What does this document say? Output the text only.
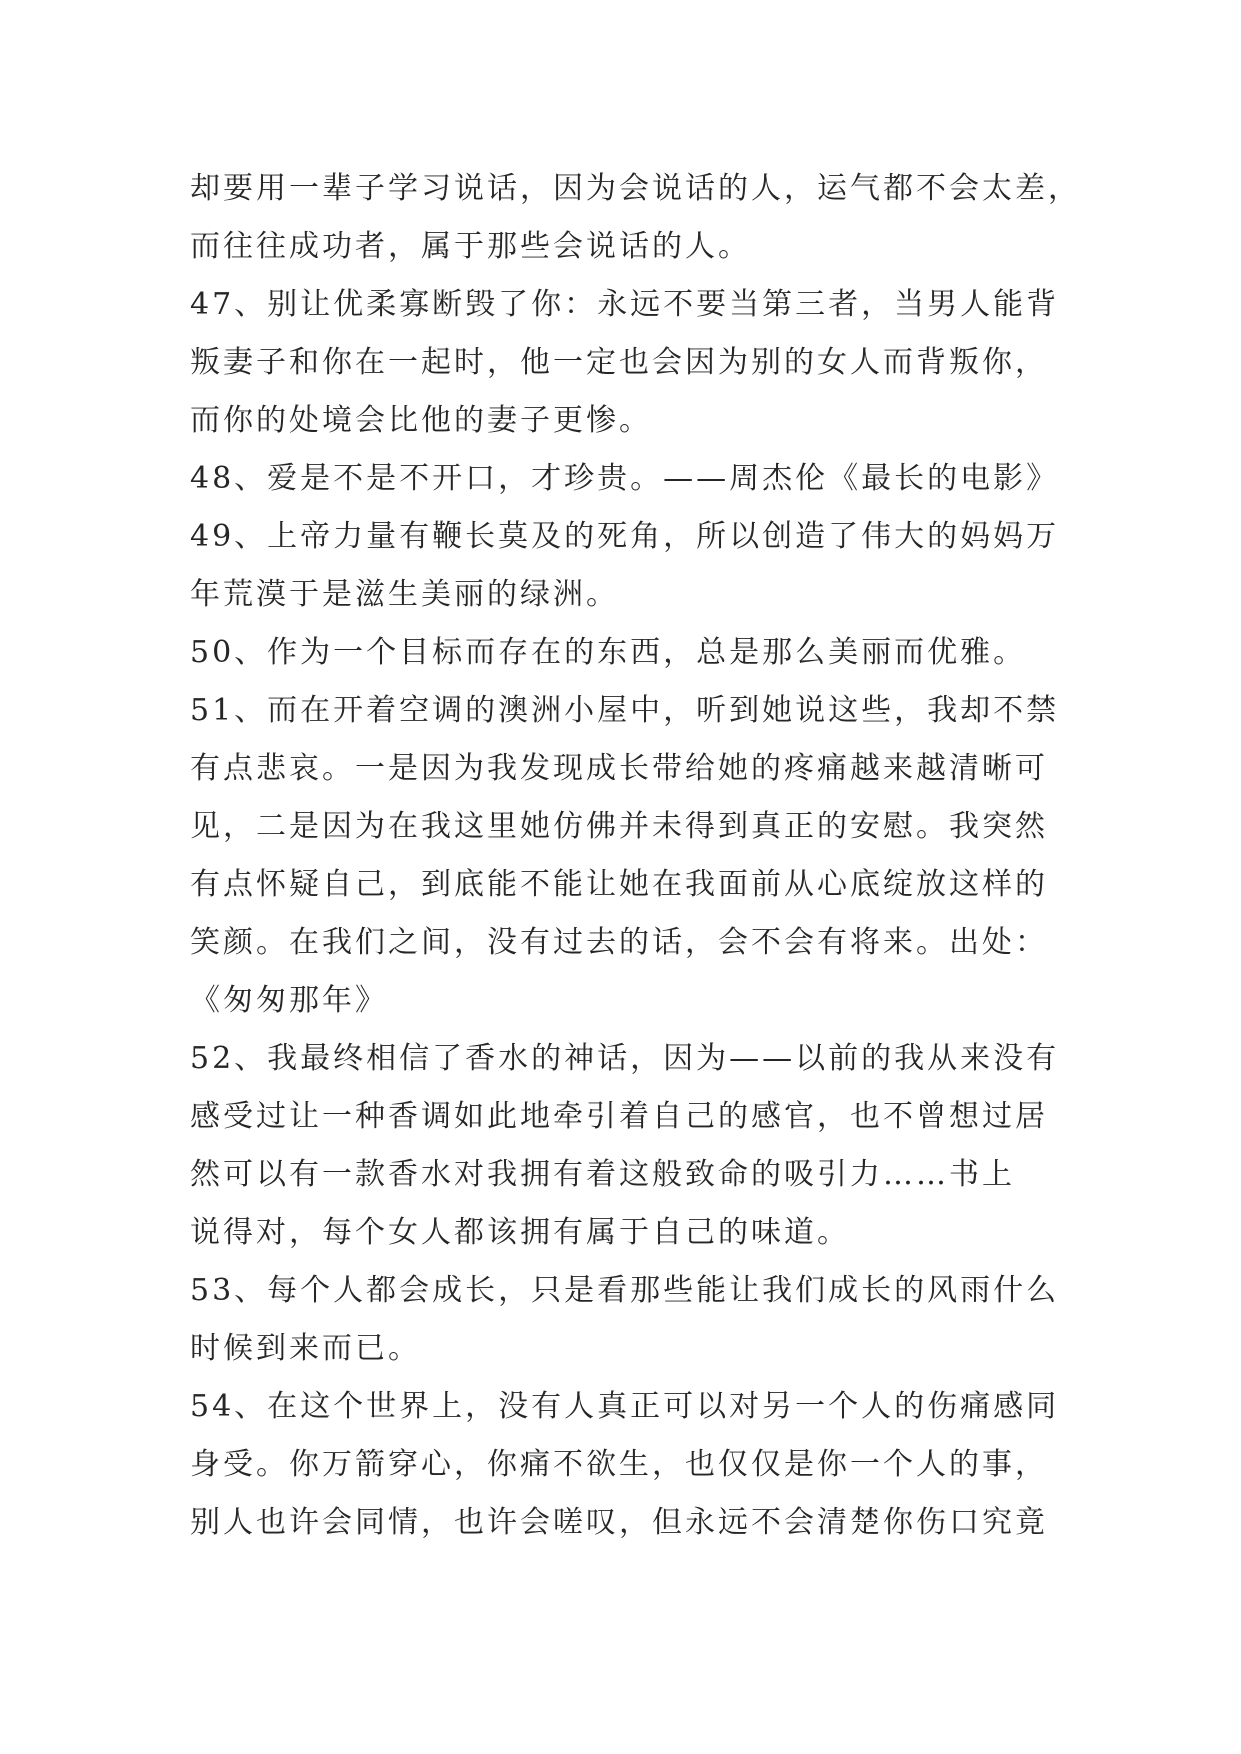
却要用一辈子学习说话，因为会说话的人，运气都不会太差，
而往往成功者，属于那些会说话的人。
47、别让优柔寡断毁了你：永远不要当第三者，当男人能背
叛妻子和你在一起时，他一定也会因为别的女人而背叛你，
而你的处境会比他的妻子更惨。
48、爱是不是不开口，才珍贵。——周杰伦《最长的电影》
49、上帝力量有鞭长莫及的死角，所以创造了伟大的妈妈万
年荒漠于是滋生美丽的绿洲。
50、作为一个目标而存在的东西，总是那么美丽而优雅。
51、而在开着空调的澳洲小屋中，听到她说这些，我却不禁
有点悲哀。一是因为我发现成长带给她的疼痛越来越清晰可
见，二是因为在我这里她仿佛并未得到真正的安慰。我突然
有点怀疑自己，到底能不能让她在我面前从心底绽放这样的
笑颜。在我们之间，没有过去的话，会不会有将来。出处：
《匆匆那年》
52、我最终相信了香水的神话，因为——以前的我从来没有
感受过让一种香调如此地牵引着自己的感官，也不曾想过居
然可以有一款香水对我拥有着这般致命的吸引力……书上
说得对，每个女人都该拥有属于自己的味道。
53、每个人都会成长，只是看那些能让我们成长的风雨什么
时候到来而已。
54、在这个世界上，没有人真正可以对另一个人的伤痛感同
身受。你万箭穿心，你痛不欲生，也仅仅是你一个人的事，
别人也许会同情，也许会嗟叹，但永远不会清楚你伤口究竟
